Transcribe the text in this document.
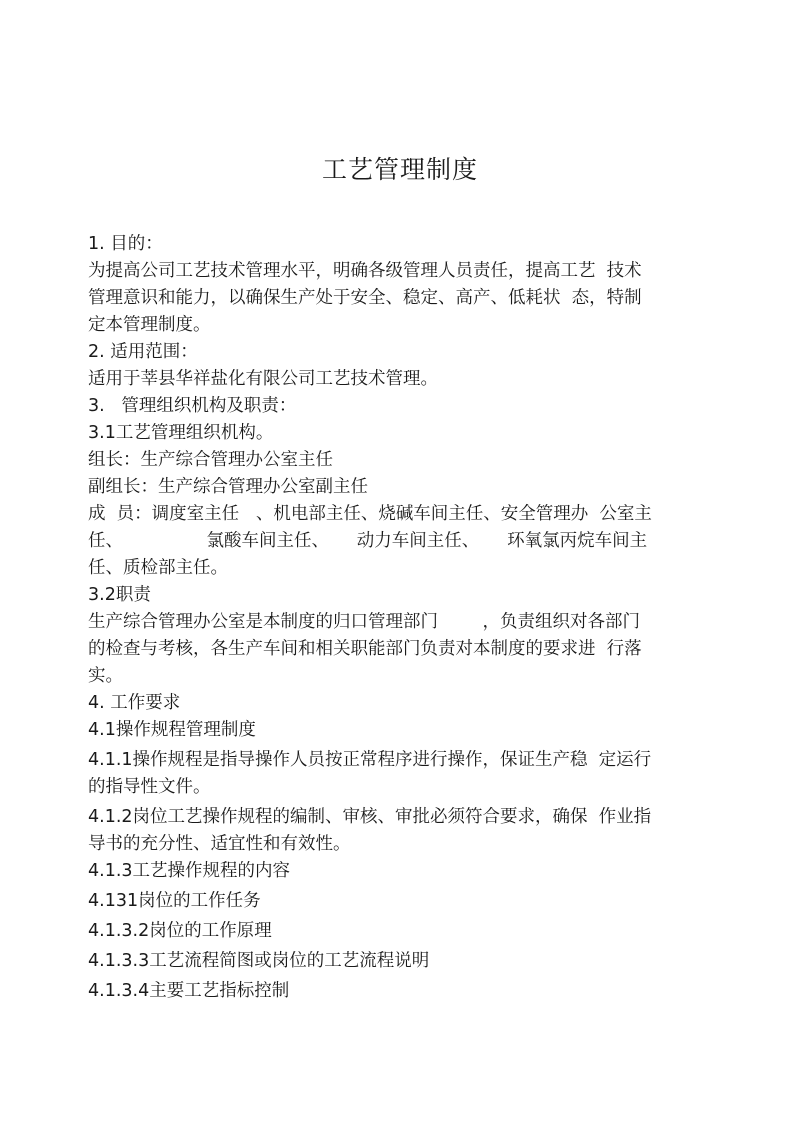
工艺管理制度
1. 目的：
为提高公司工艺技术管理水平，明确各级管理人员责任，提高工艺  技术
管理意识和能力，以确保生产处于安全、稳定、高产、低耗状  态，特制
定本管理制度。
2. 适用范围：
适用于莘县华祥盐化有限公司工艺技术管理。
3.   管理组织机构及职责：
3.1工艺管理组织机构。
组长：生产综合管理办公室主任
副组长：生产综合管理办公室副主任
成  员：调度室主任   、机电部主任、烧碱车间主任、安全管理办  公室主
任、               氯酸车间主任、     动力车间主任、     环氧氯丙烷车间主
任、质检部主任。
3.2职责
生产综合管理办公室是本制度的归口管理部门        ，负责组织对各部门
的检查与考核，各生产车间和相关职能部门负责对本制度的要求进  行落
实。
4. 工作要求
4.1操作规程管理制度
4.1.1操作规程是指导操作人员按正常程序进行操作，保证生产稳  定运行
的指导性文件。
4.1.2岗位工艺操作规程的编制、审核、审批必须符合要求，确保  作业指
导书的充分性、适宜性和有效性。
4.1.3工艺操作规程的内容
4.131岗位的工作任务
4.1.3.2岗位的工作原理
4.1.3.3工艺流程简图或岗位的工艺流程说明
4.1.3.4主要工艺指标控制
